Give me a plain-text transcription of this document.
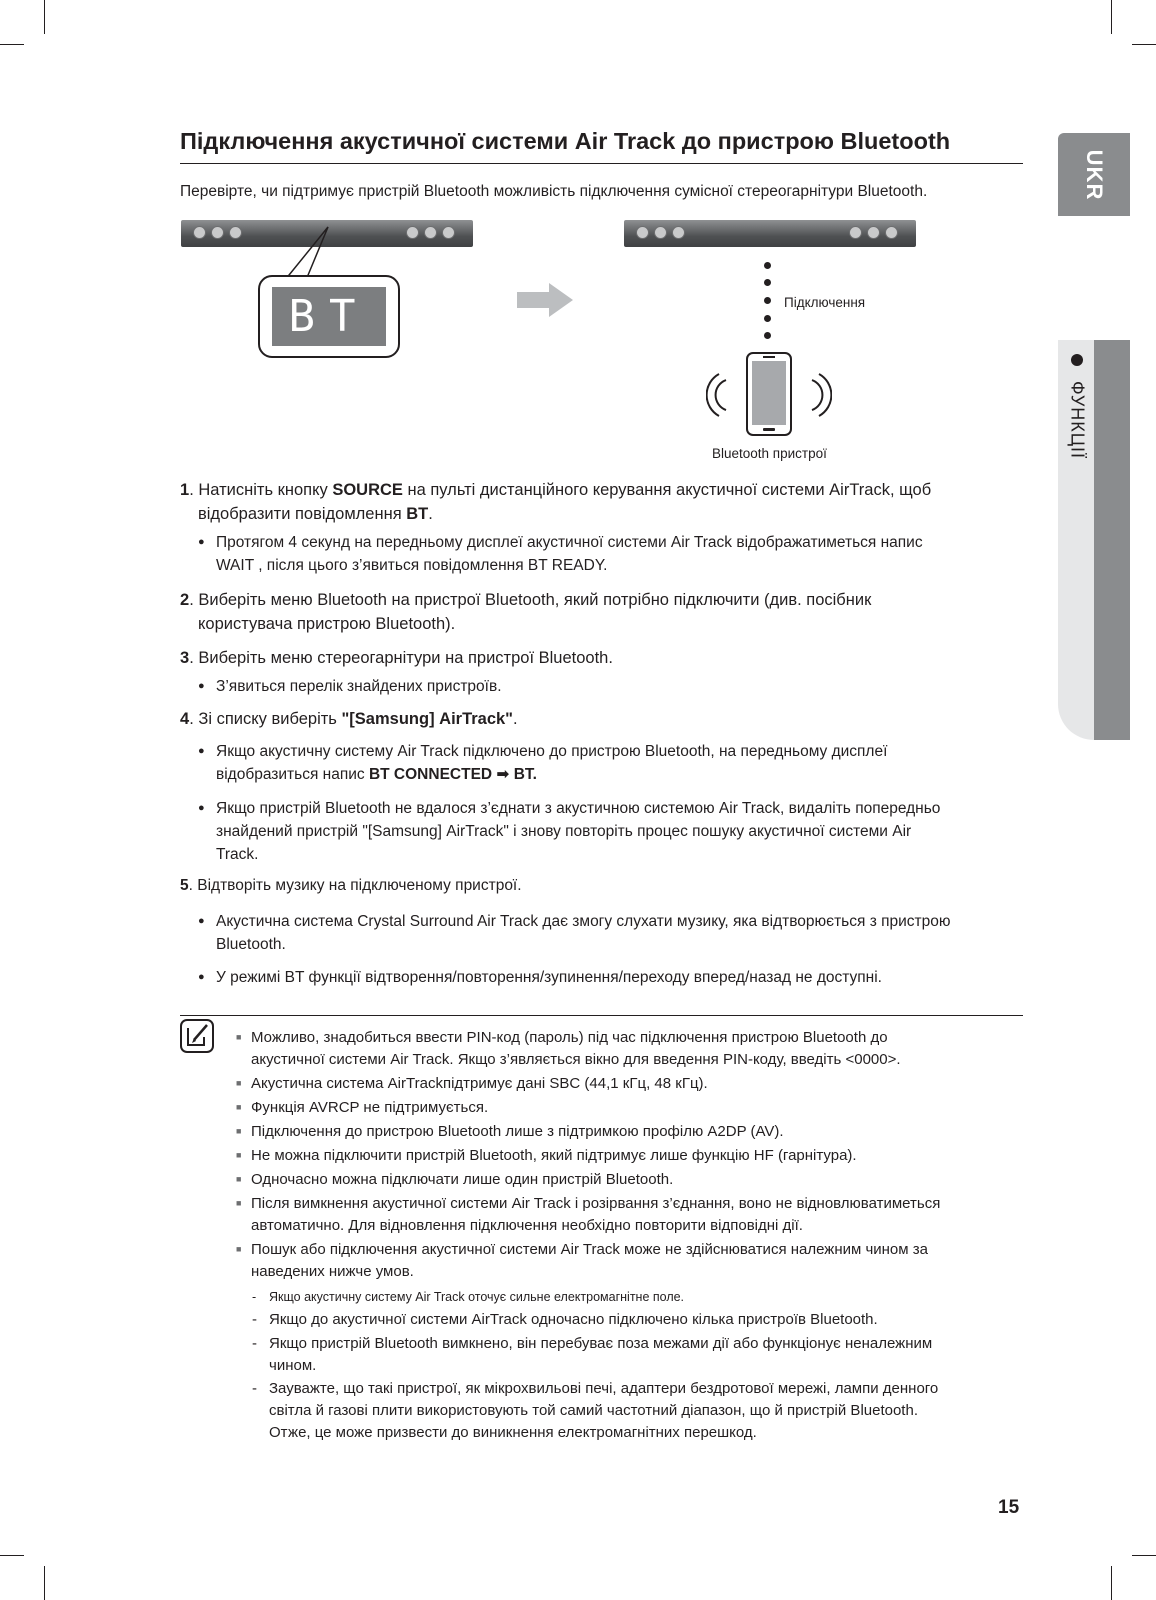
UKR
ФУНКЦІЇ
Підключення акустичної системи Air Track до пристрою Bluetooth
Перевірте, чи підтримує пристрій Bluetooth можливість підключення сумісної стереогарнітури Bluetooth.
BT	Підключення
Bluetooth пристрої
1. Натисніть кнопку SOURCE на пульті дистанційного керування акустичної системи AirTrack, щоб
відобразити повідомлення BT.
● Протягом 4 секунд на передньому дисплеї акустичної системи Air Track відображатиметься напис
WAIT , після цього з’явиться повідомлення BT READY.
2. Виберіть меню Bluetooth на пристрої Bluetooth, який потрібно підключити (див. посібник
користувача пристрою Bluetooth).
3. Виберіть меню стереогарнітури на пристрої Bluetooth.
● З’явиться перелік знайдених пристроїв.
4. Зі списку виберіть "[Samsung] AirTrack".
● Якщо акустичну систему Air Track підключено до пристрою Bluetooth, на передньому дисплеї
відобразиться напис BT CONNECTED ➡ BT.
● Якщо пристрій Bluetooth не вдалося з’єднати з акустичною системою Air Track, видаліть попередньо
знайдений пристрій "[Samsung] AirTrack" і знову повторіть процес пошуку акустичної системи Air
Track.
5. Відтворіть музику на підключеному пристрої.
● Акустична система Crystal Surround Air Track дає змогу слухати музику, яка відтворюється з пристрою
Bluetooth.
● У режимі BT функції відтворення/повторення/зупинення/переходу вперед/назад не доступні.
■ Можливо, знадобиться ввести PIN-код (пароль) під час підключення пристрою Bluetooth до
акустичної системи Air Track. Якщо з’являється вікно для введення PIN-коду, введіть <0000>.
■ Акустична система AirTrackпідтримує дані SBC (44,1 кГц, 48 кГц).
■ Функція AVRCP не підтримується.
■ Підключення до пристрою Bluetooth лише з підтримкою профілю A2DP (AV).
■ Не можна підключити пристрій Bluetooth, який підтримує лише функцію HF (гарнітура).
■ Одночасно можна підключати лише один пристрій Bluetooth.
■ Після вимкнення акустичної системи Air Track і розірвання з’єднання, воно не відновлюватиметься
автоматично. Для відновлення підключення необхідно повторити відповідні дії.
■ Пошук або підключення акустичної системи Air Track може не здійснюватися належним чином за
наведених нижче умов.
- Якщо акустичну систему Air Track оточує сильне електромагнітне поле.
- Якщо до акустичної системи AirTrack одночасно підключено кілька пристроїв Bluetooth.
- Якщо пристрій Bluetooth вимкнено, він перебуває поза межами дії або функціонує неналежним
чином.
- Зауважте, що такі пристрої, як мікрохвильові печі, адаптери бездротової мережі, лампи денного
світла й газові плити використовують той самий частотний діапазон, що й пристрій Bluetooth.
Отже, це може призвести до виникнення електромагнітних перешкод.
15
